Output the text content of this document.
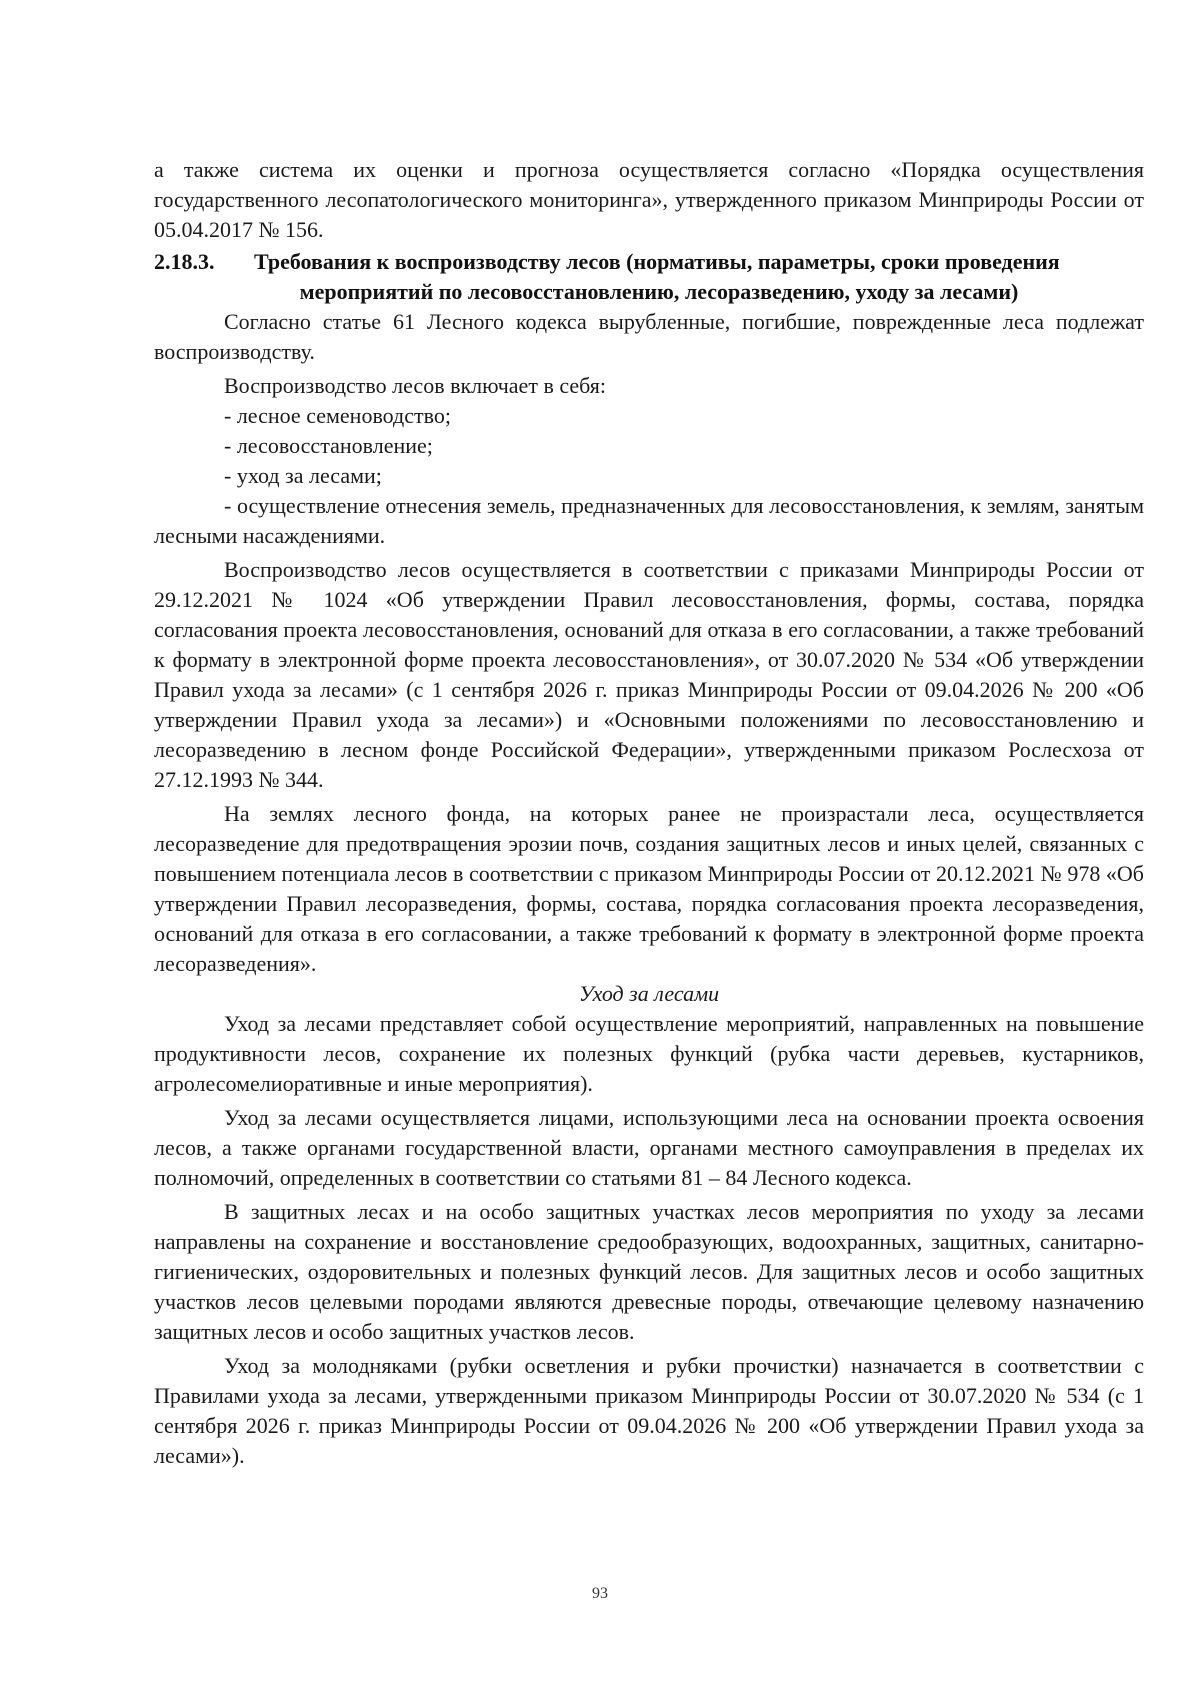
а также система их оценки и прогноза осуществляется согласно «Порядка осуществления государственного лесопатологического мониторинга», утвержденного приказом Минприроды России от 05.04.2017 № 156.

2.18.3. Требования к воспроизводству лесов (нормативы, параметры, сроки проведения
мероприятий по лесовосстановлению, лесоразведению, уходу за лесами)

Согласно статье 61 Лесного кодекса вырубленные, погибшие, поврежденные леса подлежат воспроизводству.

Воспроизводство лесов включает в себя:

- лесное семеноводство;

- лесовосстановление;

- уход за лесами;

- осуществление отнесения земель, предназначенных для лесовосстановления, к землям, занятым лесными насаждениями.

Воспроизводство лесов осуществляется в соответствии с приказами Минприроды России от 29.12.2021 № 1024 «Об утверждении Правил лесовосстановления, формы, состава, порядка согласования проекта лесовосстановления, оснований для отказа в его согласовании, а также требований к формату в электронной форме проекта лесовосстановления», от 30.07.2020 № 534 «Об утверждении Правил ухода за лесами» (с 1 сентября 2026 г. приказ Минприроды России от 09.04.2026 № 200 «Об утверждении Правил ухода за лесами») и «Основными положениями по лесовосстановлению и лесоразведению в лесном фонде Российской Федерации», утвержденными приказом Рослесхоза от 27.12.1993 № 344.

На землях лесного фонда, на которых ранее не произрастали леса, осуществляется лесоразведение для предотвращения эрозии почв, создания защитных лесов и иных целей, связанных с повышением потенциала лесов в соответствии с приказом Минприроды России от 20.12.2021 № 978 «Об утверждении Правил лесоразведения, формы, состава, порядка согласования проекта лесоразведения, оснований для отказа в его согласовании, а также требований к формату в электронной форме проекта лесоразведения».

Уход за лесами

Уход за лесами представляет собой осуществление мероприятий, направленных на повышение продуктивности лесов, сохранение их полезных функций (рубка части деревьев, кустарников, агролесомелиоративные и иные мероприятия).

Уход за лесами осуществляется лицами, использующими леса на основании проекта освоения лесов, а также органами государственной власти, органами местного самоуправления в пределах их полномочий, определенных в соответствии со статьями 81 – 84 Лесного кодекса.

В защитных лесах и на особо защитных участках лесов мероприятия по уходу за лесами направлены на сохранение и восстановление средообразующих, водоохранных, защитных, санитарно-гигиенических, оздоровительных и полезных функций лесов. Для защитных лесов и особо защитных участков лесов целевыми породами являются древесные породы, отвечающие целевому назначению защитных лесов и особо защитных участков лесов.

Уход за молодняками (рубки осветления и рубки прочистки) назначается в соответствии с Правилами ухода за лесами, утвержденными приказом Минприроды России от 30.07.2020 № 534 (с 1 сентября 2026 г. приказ Минприроды России от 09.04.2026 № 200 «Об утверждении Правил ухода за лесами»).

93
